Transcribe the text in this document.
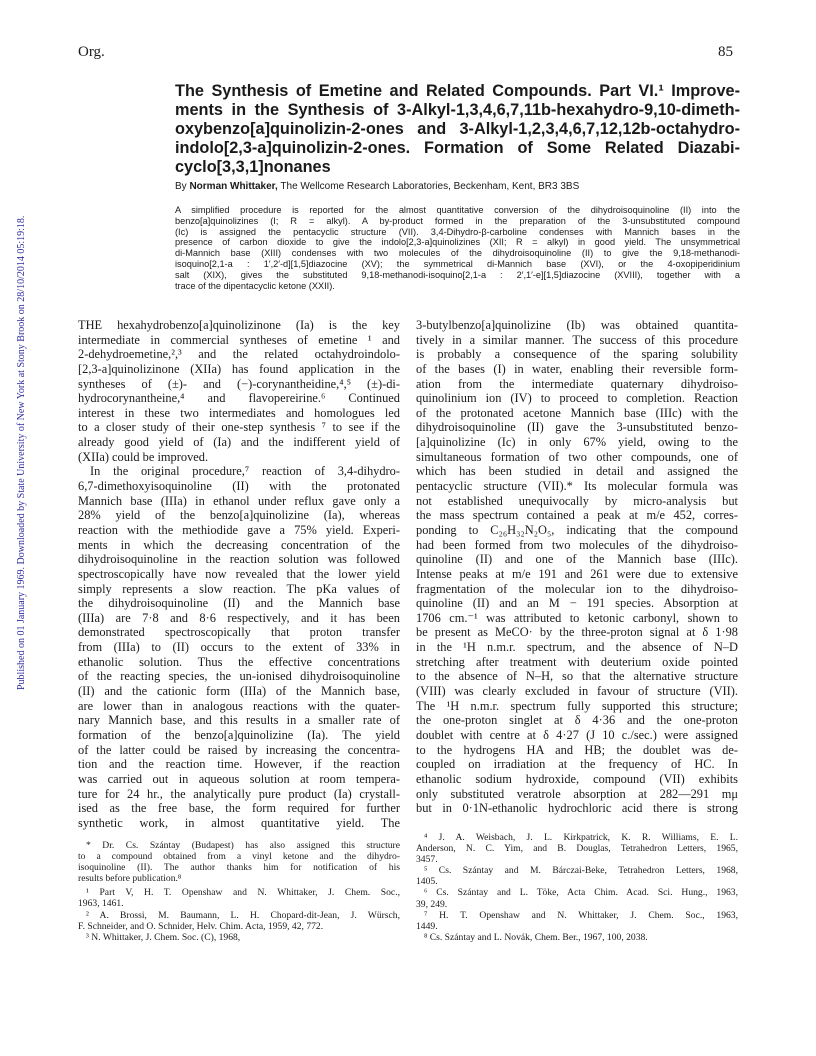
Org.	85
Published on 01 January 1969. Downloaded by State University of New York at Stony Brook on 28/10/2014 05:19:18.
The Synthesis of Emetine and Related Compounds. Part VI.¹ Improve-
ments in the Synthesis of 3-Alkyl-1,3,4,6,7,11b-hexahydro-9,10-dimeth-
oxybenzo[a]quinolizin-2-ones and 3-Alkyl-1,2,3,4,6,7,12,12b-octahydro-
indolo[2,3-a]quinolizin-2-ones. Formation of Some Related Diazabi-
cyclo[3,3,1]nonanes
By Norman Whittaker, The Wellcome Research Laboratories, Beckenham, Kent, BR3 3BS

A simplified procedure is reported for the almost quantitative conversion of the dihydroisoquinoline (II) into the
benzo[a]quinolizines (I; R = alkyl). A by-product formed in the preparation of the 3-unsubstituted compound
(Ic) is assigned the pentacyclic structure (VII). 3,4-Dihydro-β-carboline condenses with Mannich bases in the
presence of carbon dioxide to give the indolo[2,3-a]quinolizines (XII; R = alkyl) in good yield. The unsymmetrical
di-Mannich base (XIII) condenses with two molecules of the dihydroisoquinoline (II) to give the 9,18-methanodi-
isoquino[2,1-a : 1′,2′-d][1,5]diazocine (XV); the symmetrical di-Mannich base (XVI), or the 4-oxopiperidinium
salt (XIX), gives the substituted 9,18-methanodi-isoquino[2,1-a : 2′,1′-e][1,5]diazocine (XVIII), together with a
trace of the dipentacyclic ketone (XXII).

THE hexahydrobenzo[a]quinolizinone (Ia) is the key
intermediate in commercial syntheses of emetine ¹ and
2-dehydroemetine,²,³ and the related octahydroindolo-
[2,3-a]quinolizinone (XIIa) has found application in the
syntheses of (±)- and (−)-corynantheidine,⁴,⁵ (±)-di-
hydrocorynantheine,⁴ and flavopereirine.⁶ Continued
interest in these two intermediates and homologues led
to a closer study of their one-step synthesis ⁷ to see if the
already good yield of (Ia) and the indifferent yield of
(XIIa) could be improved.
In the original procedure,⁷ reaction of 3,4-dihydro-
6,7-dimethoxyisoquinoline (II) with the protonated
Mannich base (IIIa) in ethanol under reflux gave only a
28% yield of the benzo[a]quinolizine (Ia), whereas
reaction with the methiodide gave a 75% yield. Experi-
ments in which the decreasing concentration of the
dihydroisoquinoline in the reaction solution was followed
spectroscopically have now revealed that the lower yield
simply represents a slow reaction. The pKa values of
the dihydroisoquinoline (II) and the Mannich base
(IIIa) are 7·8 and 8·6 respectively, and it has been
demonstrated spectroscopically that proton transfer
from (IIIa) to (II) occurs to the extent of 33% in
ethanolic solution. Thus the effective concentrations
of the reacting species, the un-ionised dihydroisoquinoline
(II) and the cationic form (IIIa) of the Mannich base,
are lower than in analogous reactions with the quater-
nary Mannich base, and this results in a smaller rate of
formation of the benzo[a]quinolizine (Ia). The yield
of the latter could be raised by increasing the concentra-
tion and the reaction time. However, if the reaction
was carried out in aqueous solution at room tempera-
ture for 24 hr., the analytically pure product (Ia) crystall-
ised as the free base, the form required for further
synthetic work, in almost quantitative yield. The
3-butylbenzo[a]quinolizine (Ib) was obtained quantita-
tively in a similar manner. The success of this procedure
is probably a consequence of the sparing solubility
of the bases (I) in water, enabling their reversible form-
ation from the intermediate quaternary dihydroiso-
quinolinium ion (IV) to proceed to completion. Reaction
of the protonated acetone Mannich base (IIIc) with the
dihydroisoquinoline (II) gave the 3-unsubstituted benzo-
[a]quinolizine (Ic) in only 67% yield, owing to the
simultaneous formation of two other compounds, one of
which has been studied in detail and assigned the
pentacyclic structure (VII).* Its molecular formula was
not established unequivocally by micro-analysis but
the mass spectrum contained a peak at m/e 452, corres-
ponding to C₂₆H₃₂N₂O₅, indicating that the compound
had been formed from two molecules of the dihydroiso-
quinoline (II) and one of the Mannich base (IIIc).
Intense peaks at m/e 191 and 261 were due to extensive
fragmentation of the molecular ion to the dihydroiso-
quinoline (II) and an M − 191 species. Absorption at
1706 cm.⁻¹ was attributed to ketonic carbonyl, shown to
be present as MeCO· by the three-proton signal at δ 1·98
in the ¹H n.m.r. spectrum, and the absence of N–D
stretching after treatment with deuterium oxide pointed
to the absence of N–H, so that the alternative structure
(VIII) was clearly excluded in favour of structure (VII).
The ¹H n.m.r. spectrum fully supported this structure;
the one-proton singlet at δ 4·36 and the one-proton
doublet with centre at δ 4·27 (J 10 c./sec.) were assigned
to the hydrogens HA and HB; the doublet was de-
coupled on irradiation at the frequency of HC. In
ethanolic sodium hydroxide, compound (VII) exhibits
only substituted veratrole absorption at 282—291 mμ
but in 0·1N-ethanolic hydrochloric acid there is strong
* Dr. Cs. Szántay (Budapest) has also assigned this structure
to a compound obtained from a vinyl ketone and the dihydro-
isoquinoline (II). The author thanks him for notification of his
results before publication.⁸
¹ Part V, H. T. Openshaw and N. Whittaker, J. Chem. Soc.,
1963, 1461.
² A. Brossi, M. Baumann, L. H. Chopard-dit-Jean, J. Würsch,
F. Schneider, and O. Schnider, Helv. Chim. Acta, 1959, 42, 772.
³ N. Whittaker, J. Chem. Soc. (C), 1968,
⁴ J. A. Weisbach, J. L. Kirkpatrick, K. R. Williams, E. L.
Anderson, N. C. Yim, and B. Douglas, Tetrahedron Letters, 1965,
3457.
⁵ Cs. Szántay and M. Bárczai-Beke, Tetrahedron Letters, 1968,
1405.
⁶ Cs. Szántay and L. Töke, Acta Chim. Acad. Sci. Hung., 1963,
39, 249.
⁷ H. T. Openshaw and N. Whittaker, J. Chem. Soc., 1963,
1449.
⁸ Cs. Szántay and L. Novák, Chem. Ber., 1967, 100, 2038.
